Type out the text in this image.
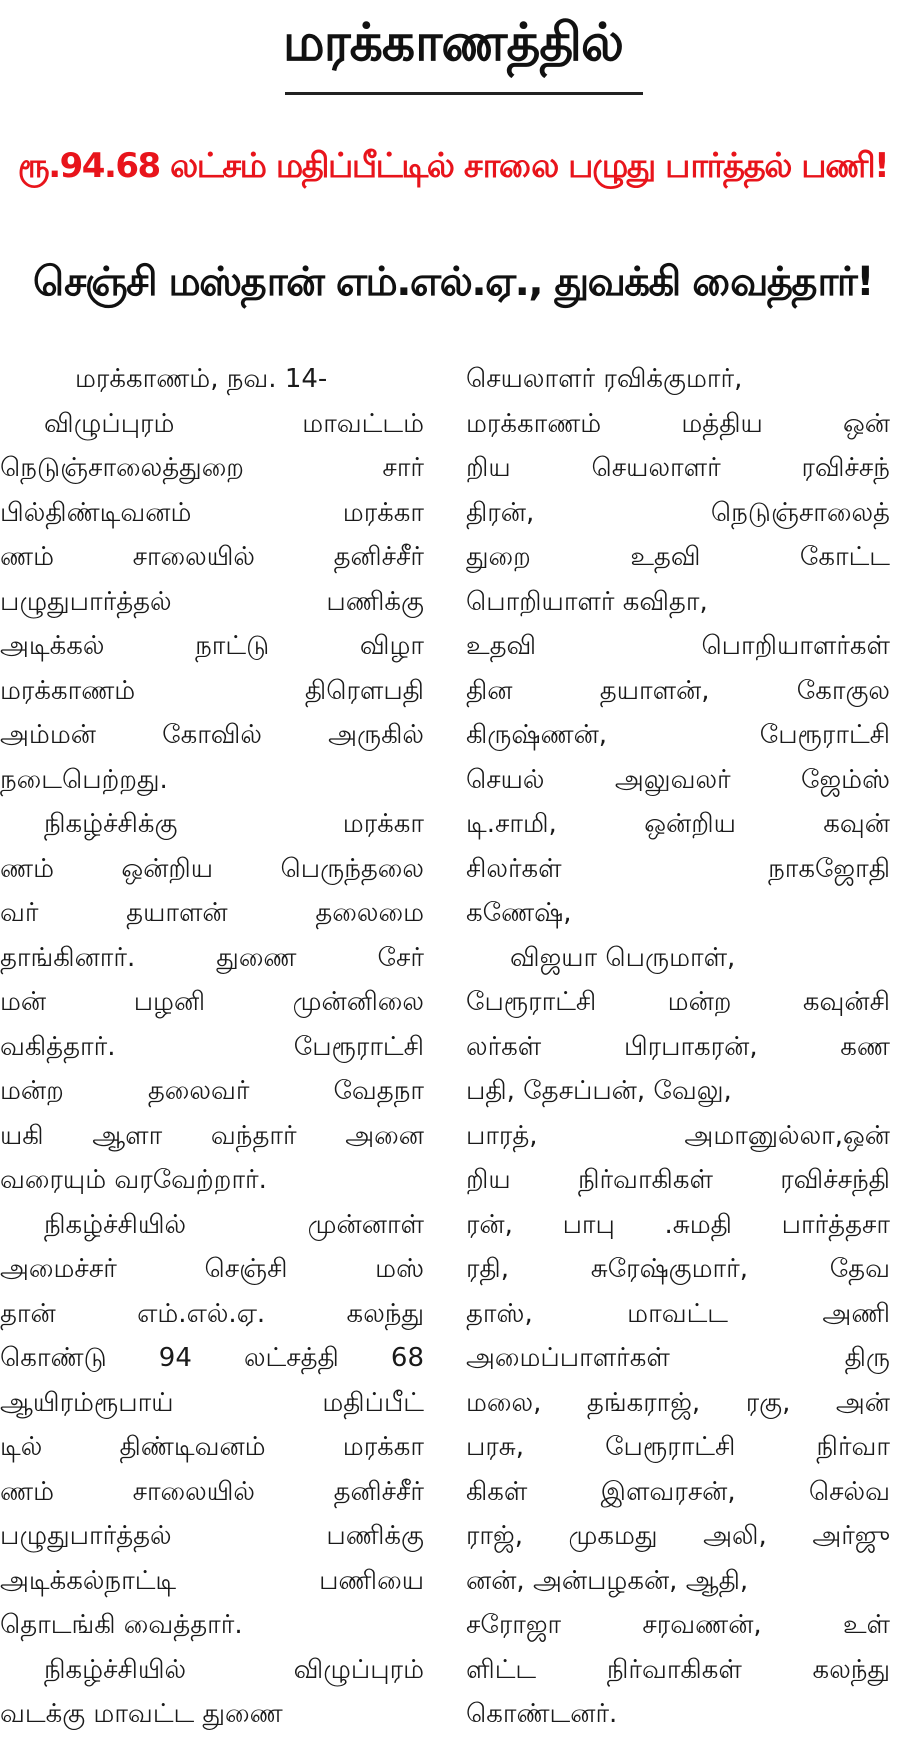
மரக்காணத்தில்
ரூ.94.68 லட்சம் மதிப்பீட்டில் சாலை பழுது பார்த்தல் பணி!
செஞ்சி மஸ்தான் எம்.எல்.ஏ., துவக்கி வைத்தார்!
மரக்காணம், நவ. 14-
விழுப்புரம் மாவட்டம்
நெடுஞ்சாலைத்துறை சார்
பில்திண்டிவனம் மரக்கா
ணம் சாலையில் தனிச்சீர்
பழுதுபார்த்தல் பணிக்கு
அடிக்கல் நாட்டு விழா
மரக்காணம் திரெளபதி
அம்மன் கோவில் அருகில்
நடைபெற்றது.
நிகழ்ச்சிக்கு மரக்கா
ணம் ஒன்றிய பெருந்தலை
வர் தயாளன் தலைமை
தாங்கினார். துணை சேர்
மன் பழனி முன்னிலை
வகித்தார். பேரூராட்சி
மன்ற தலைவர் வேதநா
யகி ஆளா வந்தார் அனை
வரையும் வரவேற்றார்.
நிகழ்ச்சியில் முன்னாள்
அமைச்சர் செஞ்சி மஸ்
தான் எம்.எல்.ஏ. கலந்து
கொண்டு 94 லட்சத்தி 68
ஆயிரம்ரூபாய் மதிப்பீட்
டில் திண்டிவனம் மரக்கா
ணம் சாலையில் தனிச்சீர்
பழுதுபார்த்தல் பணிக்கு
அடிக்கல்நாட்டி பணியை
தொடங்கி வைத்தார்.
நிகழ்ச்சியில் விழுப்புரம்
வடக்கு மாவட்ட துணை
செயலாளர் ரவிக்குமார்,
மரக்காணம் மத்திய ஒன்
றிய செயலாளர் ரவிச்சந்
திரன், நெடுஞ்சாலைத்
துறை உதவி கோட்ட
பொறியாளர் கவிதா,
உதவி பொறியாளர்கள்
தின தயாளன், கோகுல
கிருஷ்ணன், பேரூராட்சி
செயல் அலுவலர் ஜேம்ஸ்
டி.சாமி, ஒன்றிய கவுன்
சிலர்கள் நாகஜோதி
கணேஷ்,
விஜயா பெருமாள்,
பேரூராட்சி மன்ற கவுன்சி
லர்கள் பிரபாகரன், கண
பதி, தேசப்பன், வேலு,
பாரத், அமானுல்லா,ஒன்
றிய நிர்வாகிகள் ரவிச்சந்தி
ரன், பாபு .சுமதி பார்த்தசா
ரதி, சுரேஷ்குமார், தேவ
தாஸ், மாவட்ட அணி
அமைப்பாளர்கள் திரு
மலை, தங்கராஜ், ரகு, அன்
பரசு, பேரூராட்சி நிர்வா
கிகள் இளவரசன், செல்வ
ராஜ், முகமது அலி, அர்ஜு
னன், அன்பழகன், ஆதி,
சரோஜா சரவணன், உள்
ளிட்ட நிர்வாகிகள் கலந்து
கொண்டனர்.
